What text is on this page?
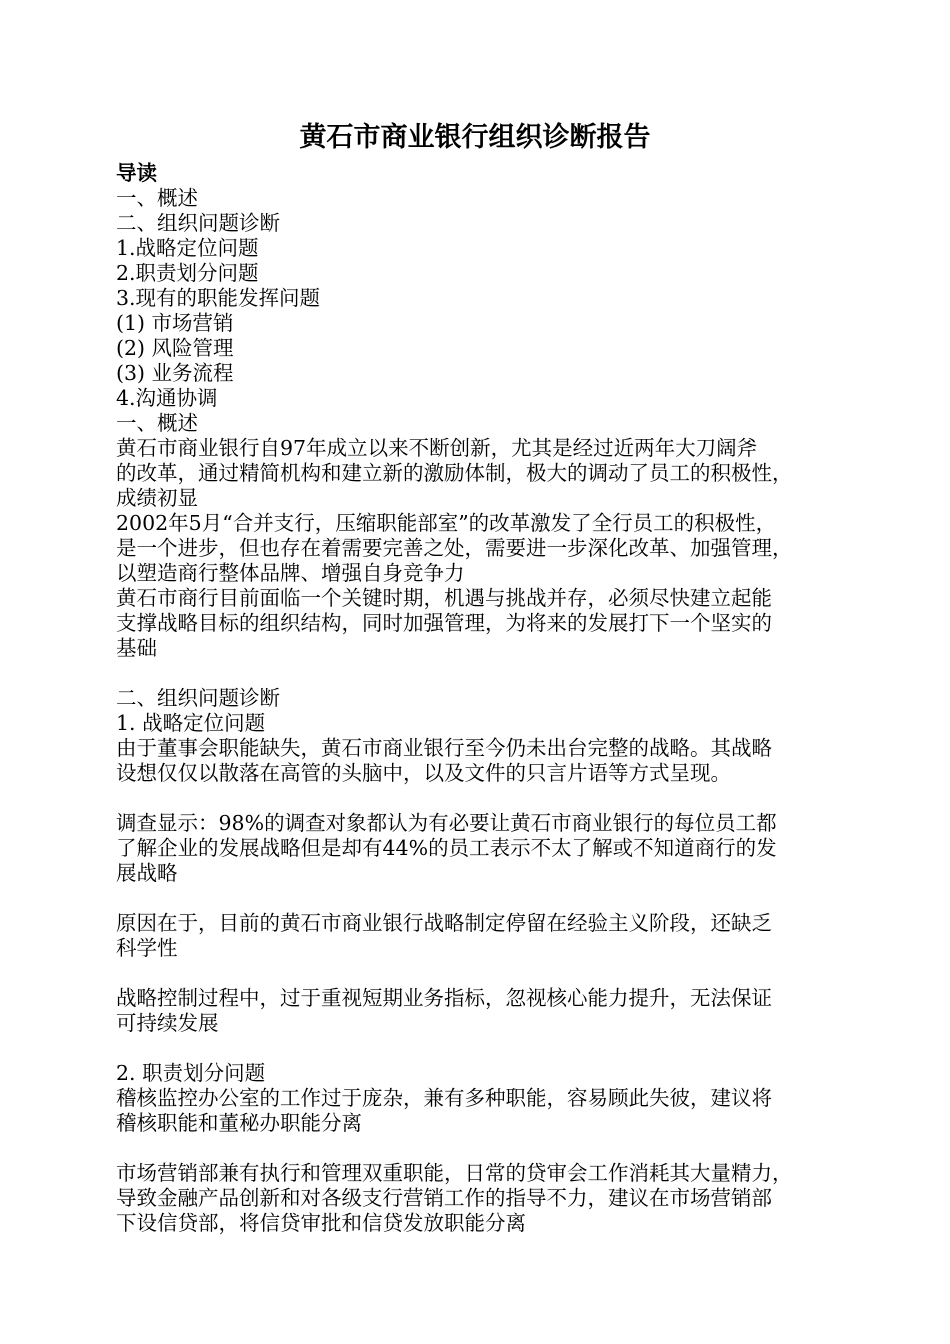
黄石市商业银行组织诊断报告
导读
一、概述
二、组织问题诊断
1.战略定位问题
2.职责划分问题
3.现有的职能发挥问题
(1) 市场营销
(2) 风险管理
(3) 业务流程
4.沟通协调
一、概述
黄石市商业银行自97年成立以来不断创新，尤其是经过近两年大刀阔斧
的改革，通过精简机构和建立新的激励体制，极大的调动了员工的积极性，
成绩初显
2002年5月“合并支行，压缩职能部室”的改革激发了全行员工的积极性，
是一个进步，但也存在着需要完善之处，需要进一步深化改革、加强管理，
以塑造商行整体品牌、增强自身竞争力
黄石市商行目前面临一个关键时期，机遇与挑战并存，必须尽快建立起能
支撑战略目标的组织结构，同时加强管理，为将来的发展打下一个坚实的
基础
二、组织问题诊断
1. 战略定位问题
由于董事会职能缺失，黄石市商业银行至今仍未出台完整的战略。其战略
设想仅仅以散落在高管的头脑中，以及文件的只言片语等方式呈现。
调查显示：98%的调查对象都认为有必要让黄石市商业银行的每位员工都
了解企业的发展战略但是却有44%的员工表示不太了解或不知道商行的发
展战略
原因在于，目前的黄石市商业银行战略制定停留在经验主义阶段，还缺乏
科学性
战略控制过程中，过于重视短期业务指标，忽视核心能力提升，无法保证
可持续发展
2. 职责划分问题
稽核监控办公室的工作过于庞杂，兼有多种职能，容易顾此失彼，建议将
稽核职能和董秘办职能分离
市场营销部兼有执行和管理双重职能，日常的贷审会工作消耗其大量精力，
导致金融产品创新和对各级支行营销工作的指导不力，建议在市场营销部
下设信贷部，将信贷审批和信贷发放职能分离
